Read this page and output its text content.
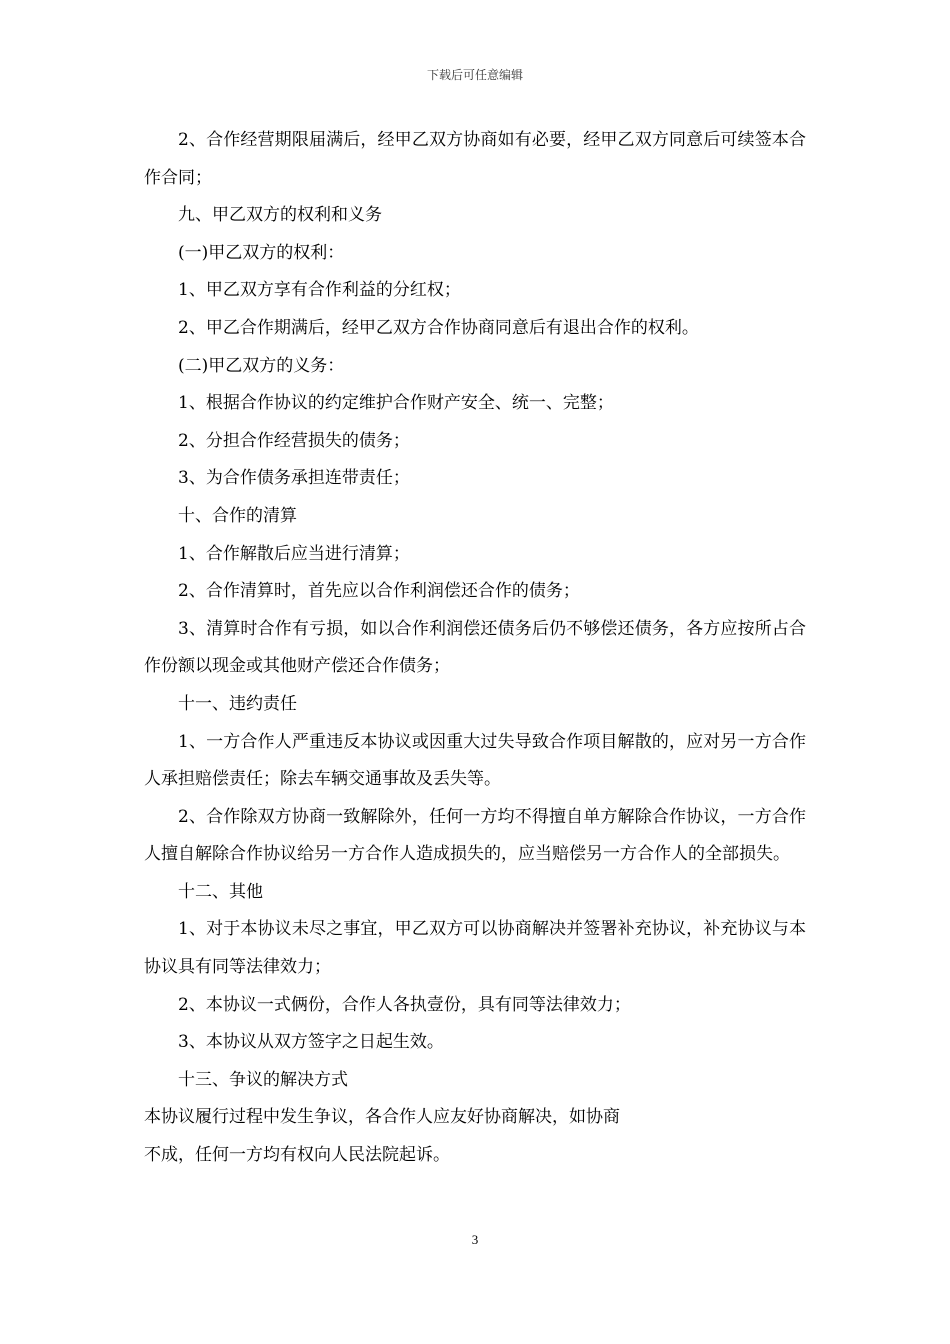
下载后可任意编辑

2、合作经营期限届满后，经甲乙双方协商如有必要，经甲乙双方同意后可续签本合作合同；

九、甲乙双方的权利和义务

(一)甲乙双方的权利：

1、甲乙双方享有合作利益的分红权；

2、甲乙合作期满后，经甲乙双方合作协商同意后有退出合作的权利。

(二)甲乙双方的义务：

1、根据合作协议的约定维护合作财产安全、统一、完整；

2、分担合作经营损失的债务；

3、为合作债务承担连带责任；

十、合作的清算

1、合作解散后应当进行清算；

2、合作清算时，首先应以合作利润偿还合作的债务；

3、清算时合作有亏损，如以合作利润偿还债务后仍不够偿还债务，各方应按所占合作份额以现金或其他财产偿还合作债务；

十一、违约责任

1、一方合作人严重违反本协议或因重大过失导致合作项目解散的，应对另一方合作人承担赔偿责任；除去车辆交通事故及丢失等。

2、合作除双方协商一致解除外，任何一方均不得擅自单方解除合作协议，一方合作人擅自解除合作协议给另一方合作人造成损失的，应当赔偿另一方合作人的全部损失。

十二、其他

1、对于本协议未尽之事宜，甲乙双方可以协商解决并签署补充协议，补充协议与本协议具有同等法律效力；

2、本协议一式俩份，合作人各执壹份，具有同等法律效力；

3、本协议从双方签字之日起生效。

十三、争议的解决方式

本协议履行过程中发生争议，各合作人应友好协商解决，如协商

不成，任何一方均有权向人民法院起诉。

3
